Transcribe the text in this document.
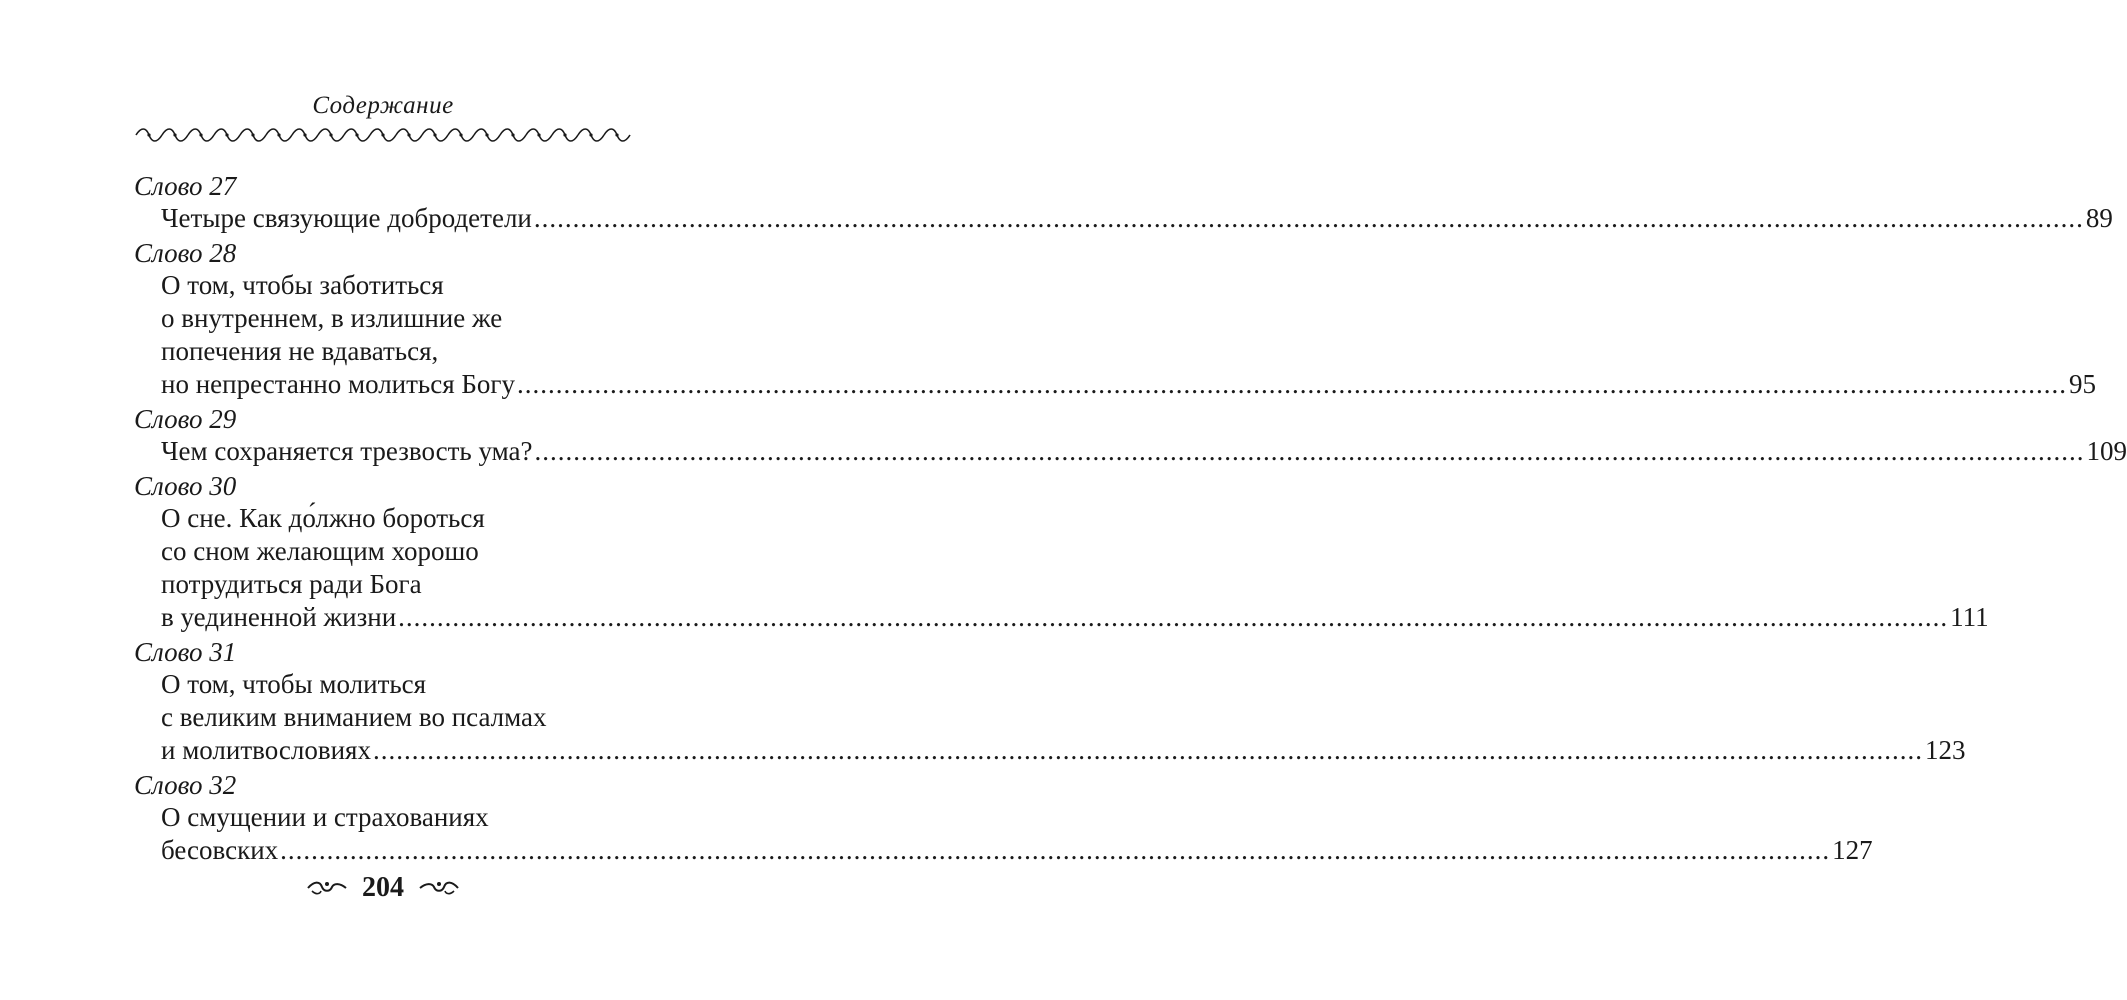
Содержание
Слово 27
Четыре связующие добродетели ........................................................................................................................................................................................................ 89
Слово 28
О том, чтобы заботиться
о внутреннем, в излишние же
попечения не вдаваться,
но непрестанно молиться Богу ........................................................................................................................................................................................................ 95
Слово 29
Чем сохраняется трезвость ума? ........................................................................................................................................................................................................ 109
Слово 30
О сне. Как до́лжно бороться
со сном желающим хорошо
потрудиться ради Бога
в уединенной жизни ........................................................................................................................................................................................................ 111
Слово 31
О том, чтобы молиться
с великим вниманием во псалмах
и молитвословиях ........................................................................................................................................................................................................ 123
Слово 32
О смущении и страхованиях
бесовских ........................................................................................................................................................................................................ 127
204
